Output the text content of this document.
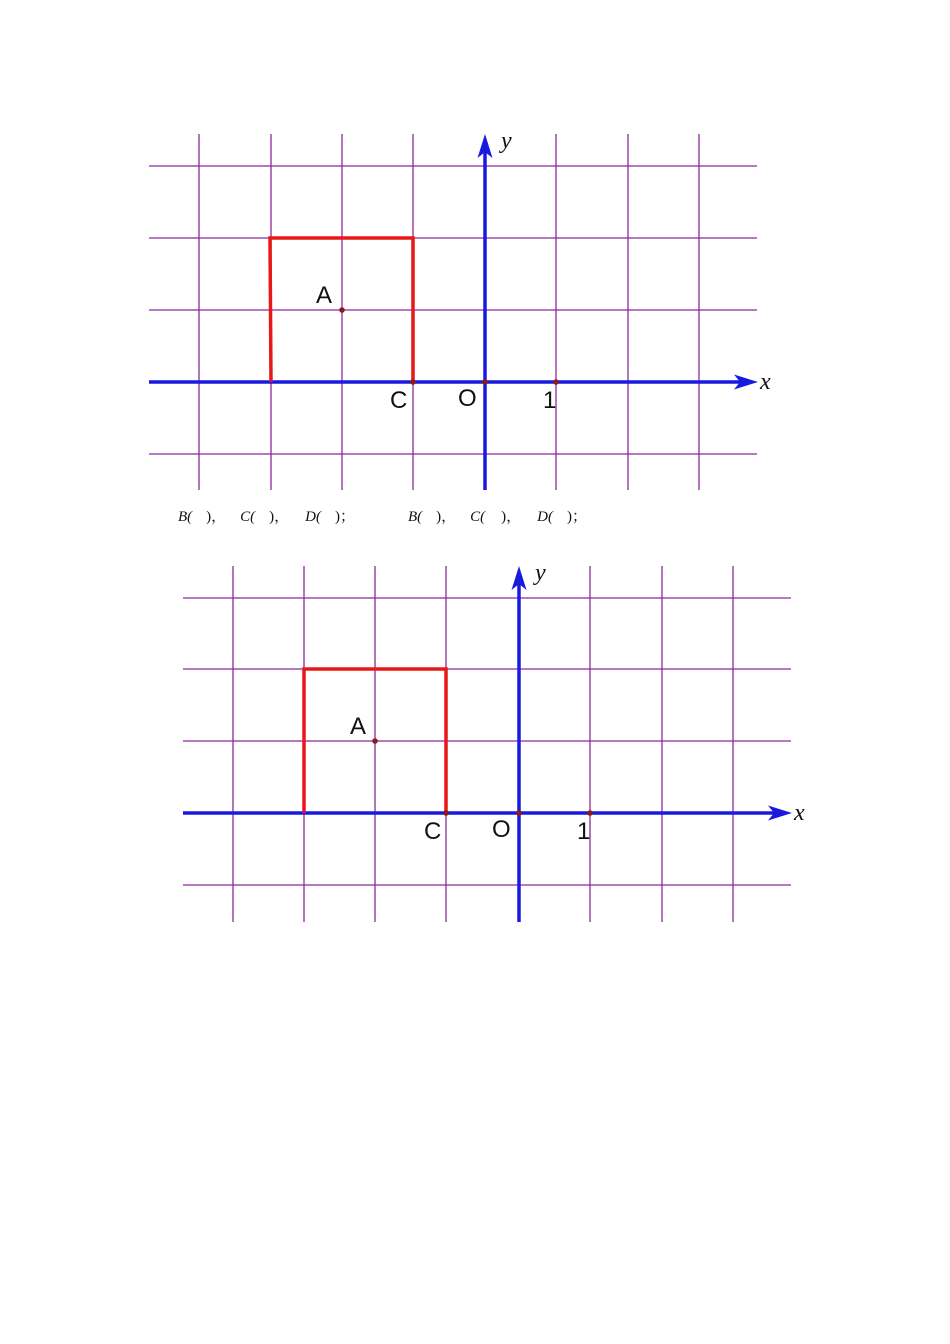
A
C O	1
x
y
B( )， C( )， D( )；	B( )， C( )， D( )；
A
C O	1
x
y
